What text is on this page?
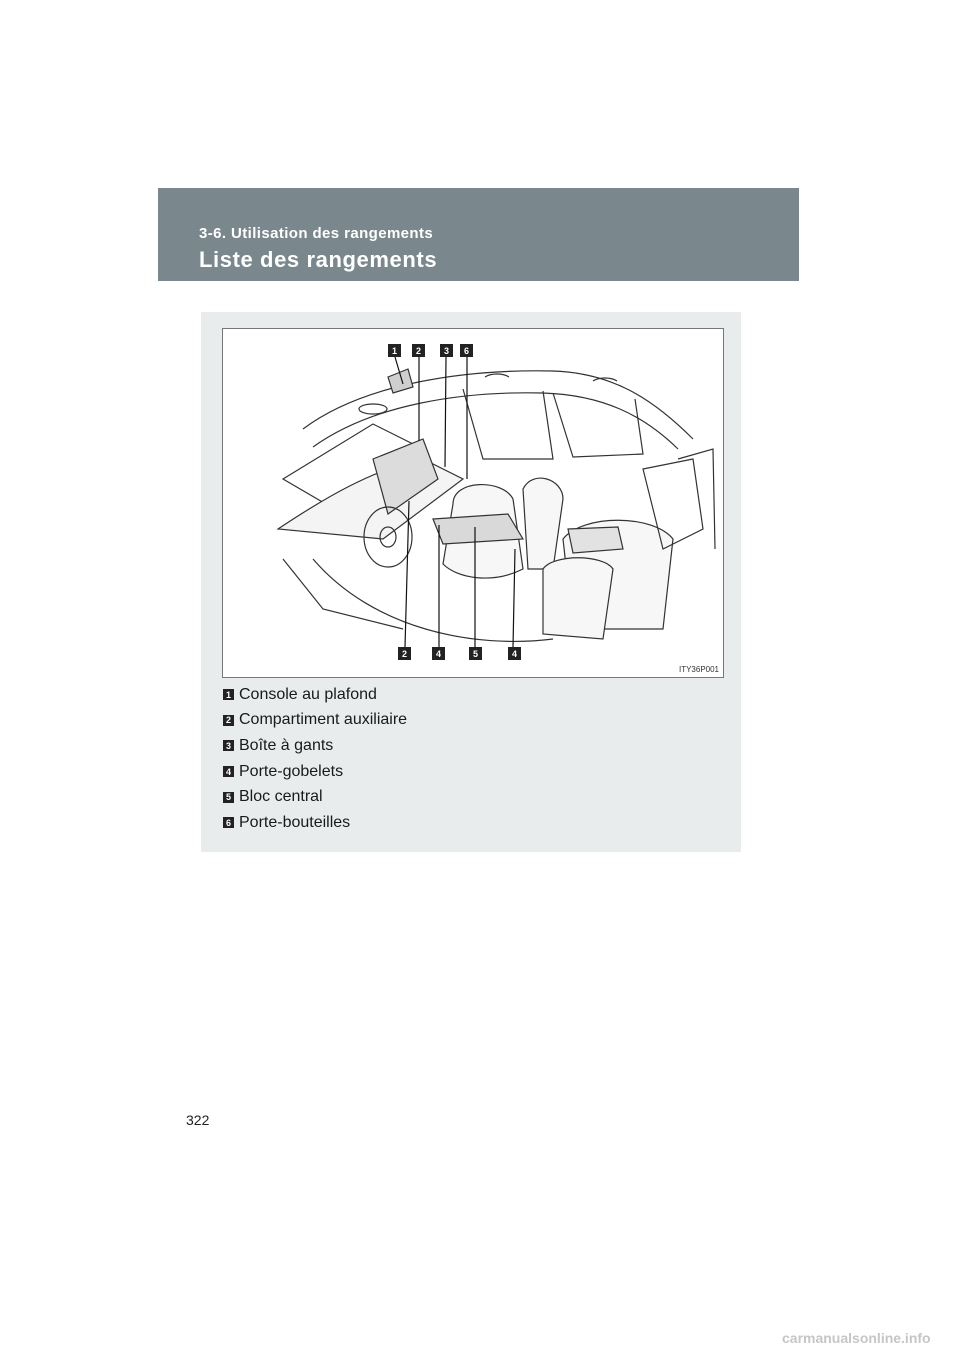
3-6. Utilisation des rangements
Liste des rangements
1 2	3 6
2	4	5	4
ITY36P001
1 Console au plafond
2 Compartiment auxiliaire
3 Boîte à gants
4 Porte-gobelets
5 Bloc central
6 Porte-bouteilles
322
carmanualsonline.info
